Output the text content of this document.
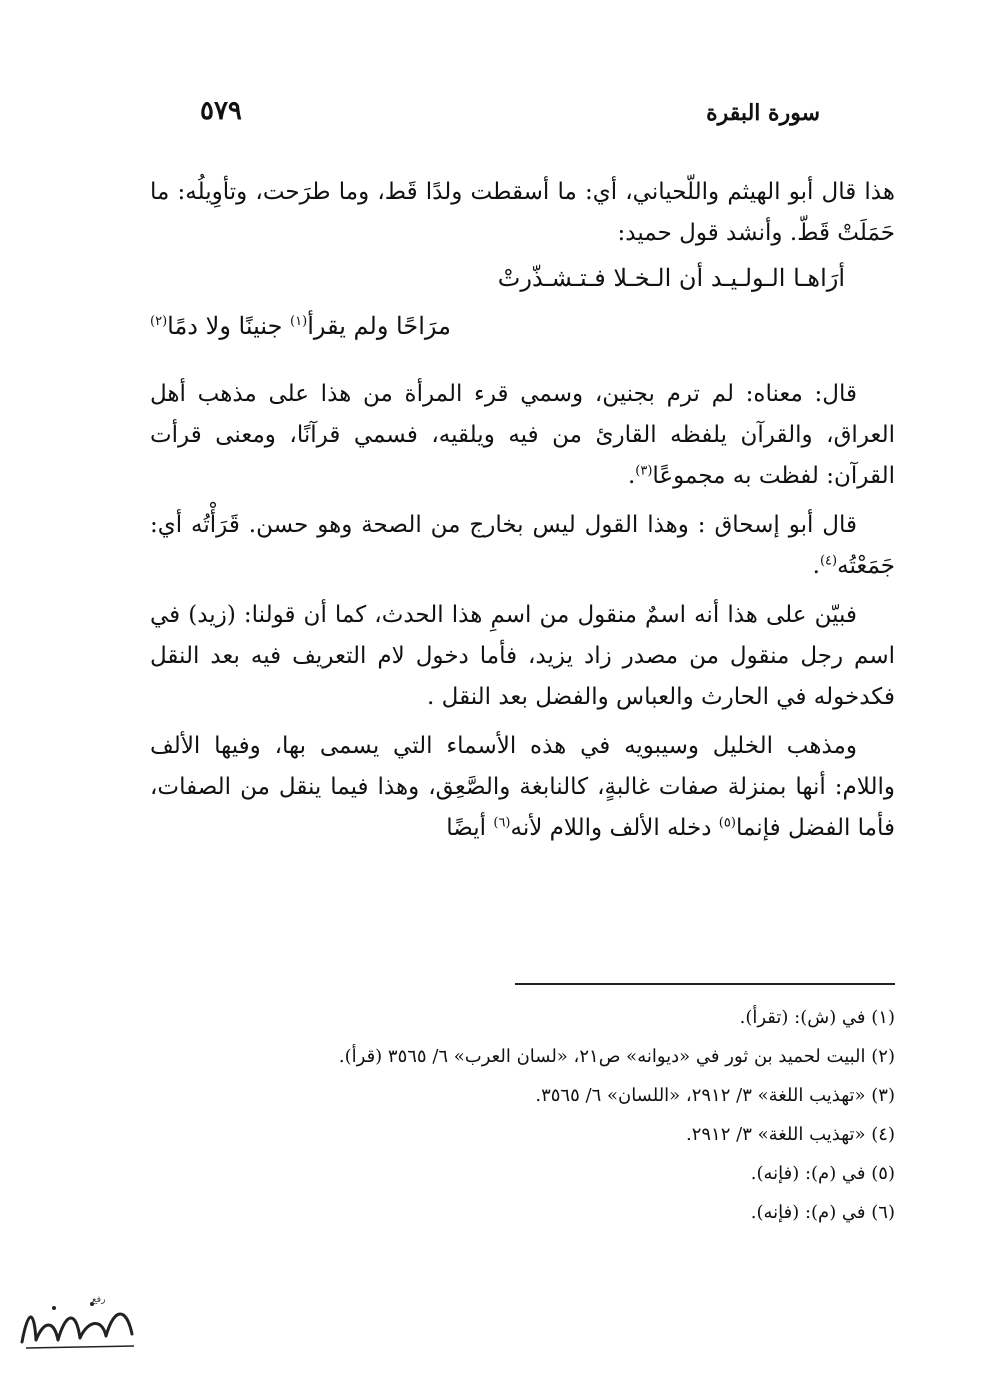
سورة البقرة
٥٧٩

هذا قال أبو الهيثم واللّحياني، أي: ما أسقطت ولدًا قَط، وما طرَحت، وتأوِيلُه: ما حَمَلَتْ قَطّ. وأنشد قول حميد:

أرَاهـا الـولـيـد أن الـخـلا فـتـشـذّرتْ

مرَاحًا ولم يقرأ$^{(١)}$ جنينًا ولا دمًا$^{(٢)}$

قال: معناه: لم ترم بجنين، وسمي قرء المرأة من هذا على مذهب أهل العراق، والقرآن يلفظه القارئ من فيه ويلقيه، فسمي قرآنًا، ومعنى قرأت القرآن: لفظت به مجموعًا$^{(٣)}$.

قال أبو إسحاق : وهذا القول ليس بخارج من الصحة وهو حسن. قَرَأْتُه أي: جَمَعْتُه$^{(٤)}$.

فبيّن على هذا أنه اسمٌ منقول من اسمِ هذا الحدث، كما أن قولنا: (زيد) في اسم رجل منقول من مصدر زاد يزيد، فأما دخول لام التعريف فيه بعد النقل فكدخوله في الحارث والعباس والفضل بعد النقل .

ومذهب الخليل وسيبويه في هذه الأسماء التي يسمى بها، وفيها الألف واللام: أنها بمنزلة صفات غالبةٍ، كالنابغة والصَّعِق، وهذا فيما ينقل من الصفات، فأما الفضل فإنما$^{(٥)}$ دخله الألف واللام لأنه$^{(٦)}$ أيضًا

(١) في (ش): (تقرأ).

(٢) البيت لحميد بن ثور في «ديوانه» ص٢١، «لسان العرب» ٦/ ٣٥٦٥ (قرأ).

(٣) «تهذيب اللغة» ٣/ ٢٩١٢، «اللسان» ٦/ ٣٥٦٥.

(٤) «تهذيب اللغة» ٣/ ٢٩١٢.

(٥) في (م): (فإنه).

(٦) في (م): (فإنه).

رفع
